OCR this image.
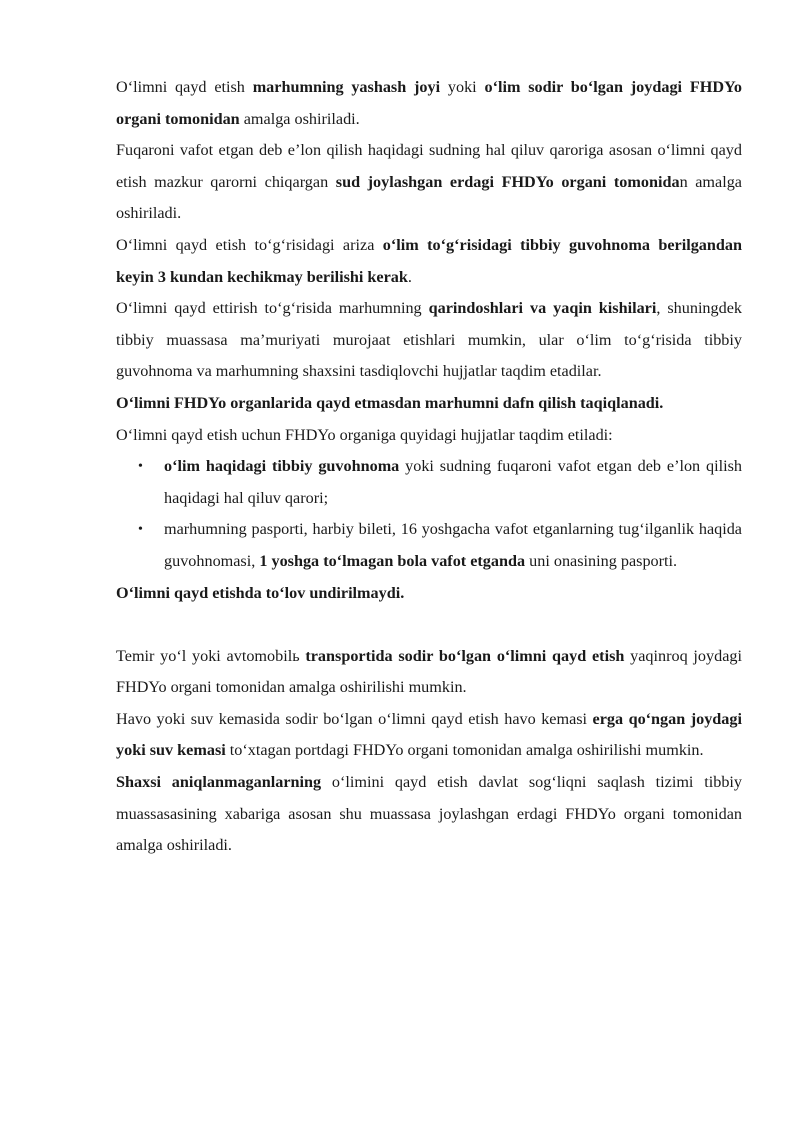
O‘limni qayd etish marhumning yashash joyi yoki o‘lim sodir bo‘lgan joydagi FHDYo organi tomonidan amalga oshiriladi.

Fuqaroni vafot etgan deb e’lon qilish haqidagi sudning hal qiluv qaroriga asosan o‘limni qayd etish mazkur qarorni chiqargan sud joylashgan erdagi FHDYo organi tomonidan amalga oshiriladi.

O‘limni qayd etish to‘g‘risidagi ariza o‘lim to‘g‘risidagi tibbiy guvohnoma berilgandan keyin 3 kundan kechikmay berilishi kerak.

O‘limni qayd ettirish to‘g‘risida marhumning qarindoshlari va yaqin kishilari, shuningdek tibbiy muassasa ma’muriyati murojaat etishlari mumkin, ular o‘lim to‘g‘risida tibbiy guvohnoma va marhumning shaxsini tasdiqlovchi hujjatlar taqdim etadilar.

O‘limni FHDYo organlarida qayd etmasdan marhumni dafn qilish taqiqlanadi.

O‘limni qayd etish uchun FHDYo organiga quyidagi hujjatlar taqdim etiladi:

• o‘lim haqidagi tibbiy guvohnoma yoki sudning fuqaroni vafot etgan deb e’lon qilish haqidagi hal qiluv qarori;
• marhumning pasporti, harbiy bileti, 16 yoshgacha vafot etganlarning tug‘ilganlik haqida guvohnomasi, 1 yoshga to‘lmagan bola vafot etganda uni onasining pasporti.

O‘limni qayd etishda to‘lov undirilmaydi.

Temir yo‘l yoki avtomobilь transportida sodir bo‘lgan o‘limni qayd etish yaqinroq joydagi FHDYo organi tomonidan amalga oshirilishi mumkin.

Havo yoki suv kemasida sodir bo‘lgan o‘limni qayd etish havo kemasi erga qo‘ngan joydagi yoki suv kemasi to‘xtagan portdagi FHDYo organi tomonidan amalga oshirilishi mumkin.

Shaxsi aniqlanmaganlarning o‘limini qayd etish davlat sog‘liqni saqlash tizimi tibbiy muassasasining xabariga asosan shu muassasa joylashgan erdagi FHDYo organi tomonidan amalga oshiriladi.
